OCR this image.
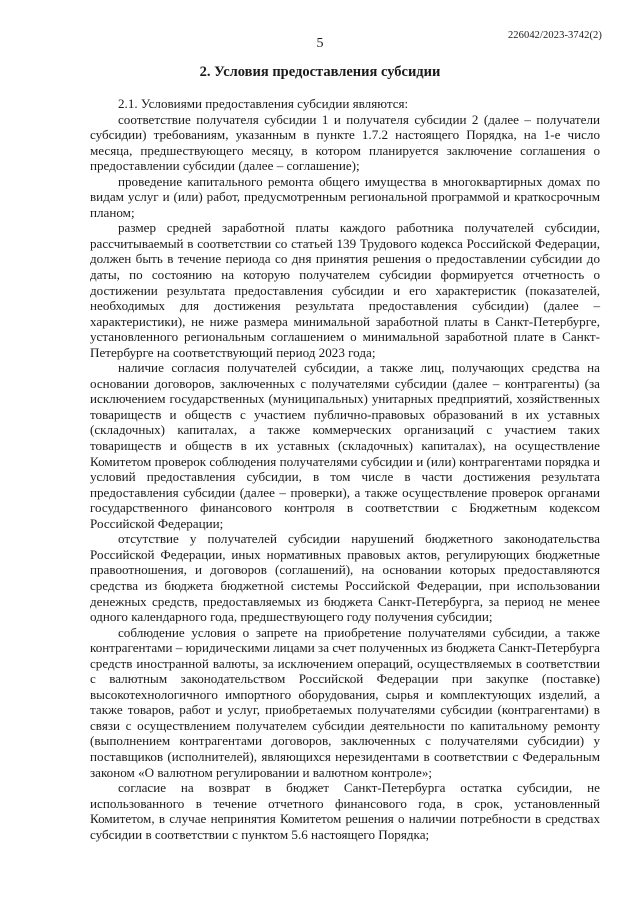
226042/2023-3742(2)
5
2. Условия предоставления субсидии

2.1. Условиями предоставления субсидии являются:

соответствие получателя субсидии 1 и получателя субсидии 2 (далее – получатели субсидии) требованиям, указанным в пункте 1.7.2 настоящего Порядка, на 1-е число месяца, предшествующего месяцу, в котором планируется заключение соглашения о предоставлении субсидии (далее – соглашение);

проведение капитального ремонта общего имущества в многоквартирных домах по видам услуг и (или) работ, предусмотренным региональной программой и краткосрочным планом;

размер средней заработной платы каждого работника получателей субсидии, рассчитываемый в соответствии со статьей 139 Трудового кодекса Российской Федерации, должен быть в течение периода со дня принятия решения о предоставлении субсидии до даты, по состоянию на которую получателем субсидии формируется отчетность о достижении результата предоставления субсидии и его характеристик (показателей, необходимых для достижения результата предоставления субсидии) (далее – характеристики), не ниже размера минимальной заработной платы в Санкт-Петербурге, установленного региональным соглашением о минимальной заработной плате в Санкт-Петербурге на соответствующий период 2023 года;

наличие согласия получателей субсидии, а также лиц, получающих средства на основании договоров, заключенных с получателями субсидии (далее – контрагенты) (за исключением государственных (муниципальных) унитарных предприятий, хозяйственных товариществ и обществ с участием публично-правовых образований в их уставных (складочных) капиталах, а также коммерческих организаций с участием таких товариществ и обществ в их уставных (складочных) капиталах), на осуществление Комитетом проверок соблюдения получателями субсидии и (или) контрагентами порядка и условий предоставления субсидии, в том числе в части достижения результата предоставления субсидии (далее – проверки), а также осуществление проверок органами государственного финансового контроля в соответствии с Бюджетным кодексом Российской Федерации;

отсутствие у получателей субсидии нарушений бюджетного законодательства Российской Федерации, иных нормативных правовых актов, регулирующих бюджетные правоотношения, и договоров (соглашений), на основании которых предоставляются средства из бюджета бюджетной системы Российской Федерации, при использовании денежных средств, предоставляемых из бюджета Санкт-Петербурга, за период не менее одного календарного года, предшествующего году получения субсидии;

соблюдение условия о запрете на приобретение получателями субсидии, а также контрагентами – юридическими лицами за счет полученных из бюджета Санкт-Петербурга средств иностранной валюты, за исключением операций, осуществляемых в соответствии с валютным законодательством Российской Федерации при закупке (поставке) высокотехнологичного импортного оборудования, сырья и комплектующих изделий, а также товаров, работ и услуг, приобретаемых получателями субсидии (контрагентами) в связи с осуществлением получателем субсидии деятельности по капитальному ремонту (выполнением контрагентами договоров, заключенных с получателями субсидии) у поставщиков (исполнителей), являющихся нерезидентами в соответствии с Федеральным законом «О валютном регулировании и валютном контроле»;

согласие на возврат в бюджет Санкт-Петербурга остатка субсидии, не использованного в течение отчетного финансового года, в срок, установленный Комитетом, в случае непринятия Комитетом решения о наличии потребности в средствах субсидии в соответствии с пунктом 5.6 настоящего Порядка;
